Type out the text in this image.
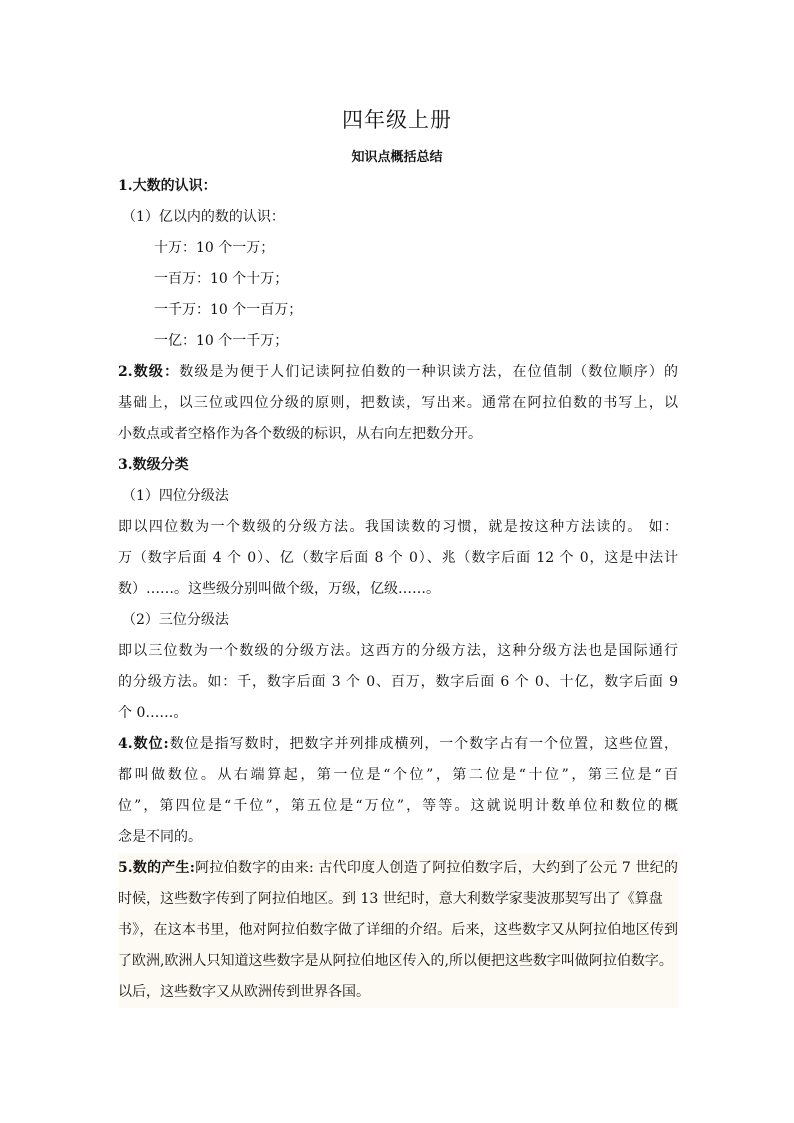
四年级上册
知识点概括总结
1.大数的认识：
（1）亿以内的数的认识：
十万：10 个一万；
一百万：10 个十万；
一千万：10 个一百万；
一亿：10 个一千万；
2.数级：数级是为便于人们记读阿拉伯数的一种识读方法，在位值制（数位顺序）的
基础上，以三位或四位分级的原则，把数读，写出来。通常在阿拉伯数的书写上，以
小数点或者空格作为各个数级的标识，从右向左把数分开。
3.数级分类
（1）四位分级法
即以四位数为一个数级的分级方法。我国读数的习惯，就是按这种方法读的。 如：
万（数字后面 4 个 0）、亿（数字后面 8 个 0）、兆（数字后面 12 个 0，这是中法计
数）……。这些级分别叫做个级，万级，亿级……。
（2）三位分级法
即以三位数为一个数级的分级方法。这西方的分级方法，这种分级方法也是国际通行
的分级方法。如：千，数字后面 3 个 0、百万，数字后面 6 个 0、十亿，数字后面 9
个 0……。
4.数位:数位是指写数时，把数字并列排成横列，一个数字占有一个位置，这些位置，
都叫做数位。从右端算起，第一位是“个位”，第二位是“十位”，第三位是“百
位”，第四位是“千位”，第五位是“万位”，等等。这就说明计数单位和数位的概
念是不同的。
5.数的产生:阿拉伯数字的由来: 古代印度人创造了阿拉伯数字后，大约到了公元 7 世纪的
时候，这些数字传到了阿拉伯地区。到 13 世纪时，意大利数学家斐波那契写出了《算盘
书》，在这本书里，他对阿拉伯数字做了详细的介绍。后来，这些数字又从阿拉伯地区传到
了欧洲,欧洲人只知道这些数字是从阿拉伯地区传入的,所以便把这些数字叫做阿拉伯数字。
以后，这些数字又从欧洲传到世界各国。
